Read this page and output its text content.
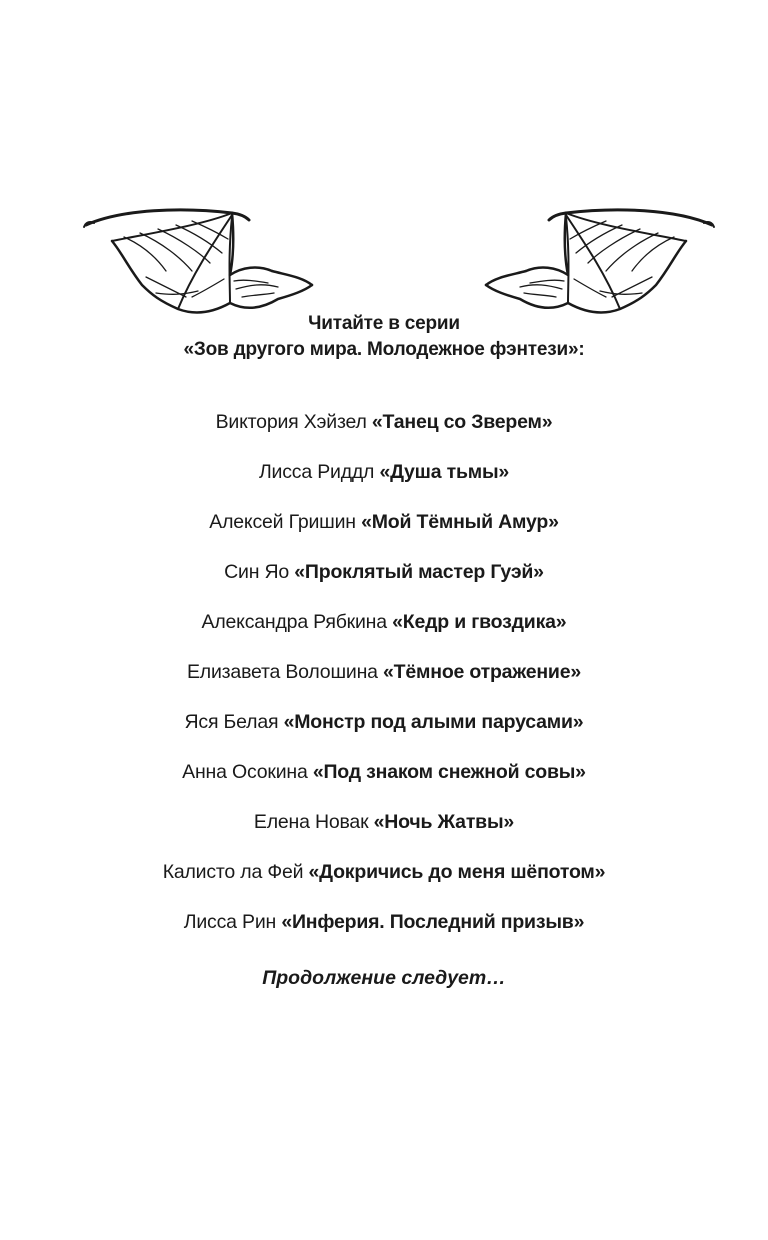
Читайте в серии
«Зов другого мира. Молодежное фэнтези»:
Виктория Хэйзел «Танец со Зверем»
Лисса Риддл «Душа тьмы»
Алексей Гришин «Мой Тёмный Амур»
Син Яо «Проклятый мастер Гуэй»
Александра Рябкина «Кедр и гвоздика»
Елизавета Волошина «Тёмное отражение»
Яся Белая «Монстр под алыми парусами»
Анна Осокина «Под знаком снежной совы»
Елена Новак «Ночь Жатвы»
Калисто ла Фей «Докричись до меня шёпотом»
Лисса Рин «Инферия. Последний призыв»
Продолжение следует…
